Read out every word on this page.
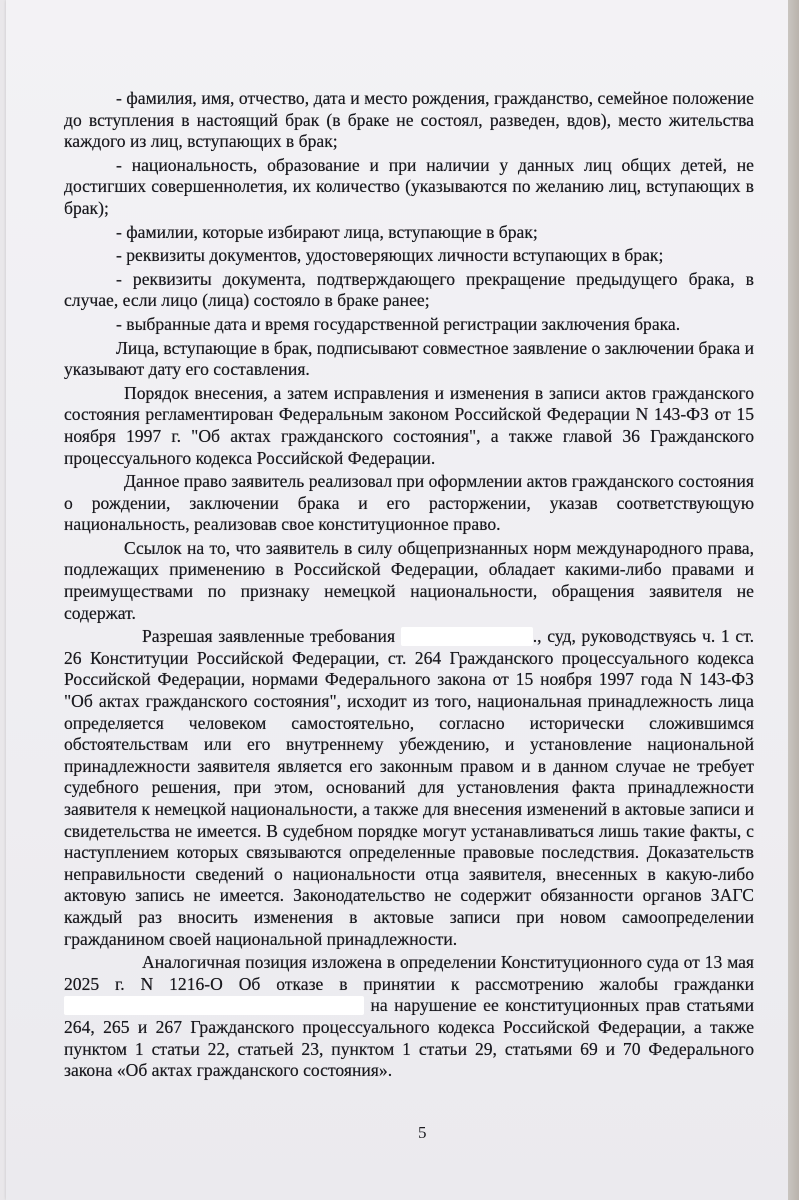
- фамилия, имя, отчество, дата и место рождения, гражданство, семейное положение до вступления в настоящий брак (в браке не состоял, разведен, вдов), место жительства каждого из лиц, вступающих в брак;

- национальность, образование и при наличии у данных лиц общих детей, не достигших совершеннолетия, их количество (указываются по желанию лиц, вступающих в брак);

- фамилии, которые избирают лица, вступающие в брак;

- реквизиты документов, удостоверяющих личности вступающих в брак;

- реквизиты документа, подтверждающего прекращение предыдущего брака, в случае, если лицо (лица) состояло в браке ранее;

- выбранные дата и время государственной регистрации заключения брака.

Лица, вступающие в брак, подписывают совместное заявление о заключении брака и указывают дату его составления.

Порядок внесения, а затем исправления и изменения в записи актов гражданского состояния регламентирован Федеральным законом Российской Федерации N 143-ФЗ от 15 ноября 1997 г. "Об актах гражданского состояния", а также главой 36 Гражданского процессуального кодекса Российской Федерации.

Данное право заявитель реализовал при оформлении актов гражданского состояния о рождении, заключении брака и его расторжении, указав соответствующую национальность, реализовав свое конституционное право.

Ссылок на то, что заявитель в силу общепризнанных норм международного права, подлежащих применению в Российской Федерации, обладает какими-либо правами и преимуществами по признаку немецкой национальности, обращения заявителя не содержат.

Разрешая заявленные требования	., суд, руководствуясь ч. 1 ст. 26 Конституции Российской Федерации, ст. 264 Гражданского процессуального кодекса Российской Федерации, нормами Федерального закона от 15 ноября 1997 года N 143-ФЗ "Об актах гражданского состояния", исходит из того, национальная принадлежность лица определяется человеком самостоятельно, согласно исторически сложившимся обстоятельствам или его внутреннему убеждению, и установление национальной принадлежности заявителя является его законным правом и в данном случае не требует судебного решения, при этом, оснований для установления факта принадлежности заявителя к немецкой национальности, а также для внесения изменений в актовые записи и свидетельства не имеется. В судебном порядке могут устанавливаться лишь такие факты, с наступлением которых связываются определенные правовые последствия. Доказательств неправильности сведений о национальности отца заявителя, внесенных в какую-либо актовую запись не имеется. Законодательство не содержит обязанности органов ЗАГС каждый раз вносить изменения в актовые записи при новом самоопределении гражданином своей национальной принадлежности.

Аналогичная позиция изложена в определении Конституционного суда от 13 мая 2025 г. N 1216-О Об отказе в принятии к рассмотрению жалобы гражданки  на нарушение ее конституционных прав статьями 264, 265 и 267 Гражданского процессуального кодекса Российской Федерации, а также пунктом 1 статьи 22, статьей 23, пунктом 1 статьи 29, статьями 69 и 70 Федерального закона «Об актах гражданского состояния».

5
